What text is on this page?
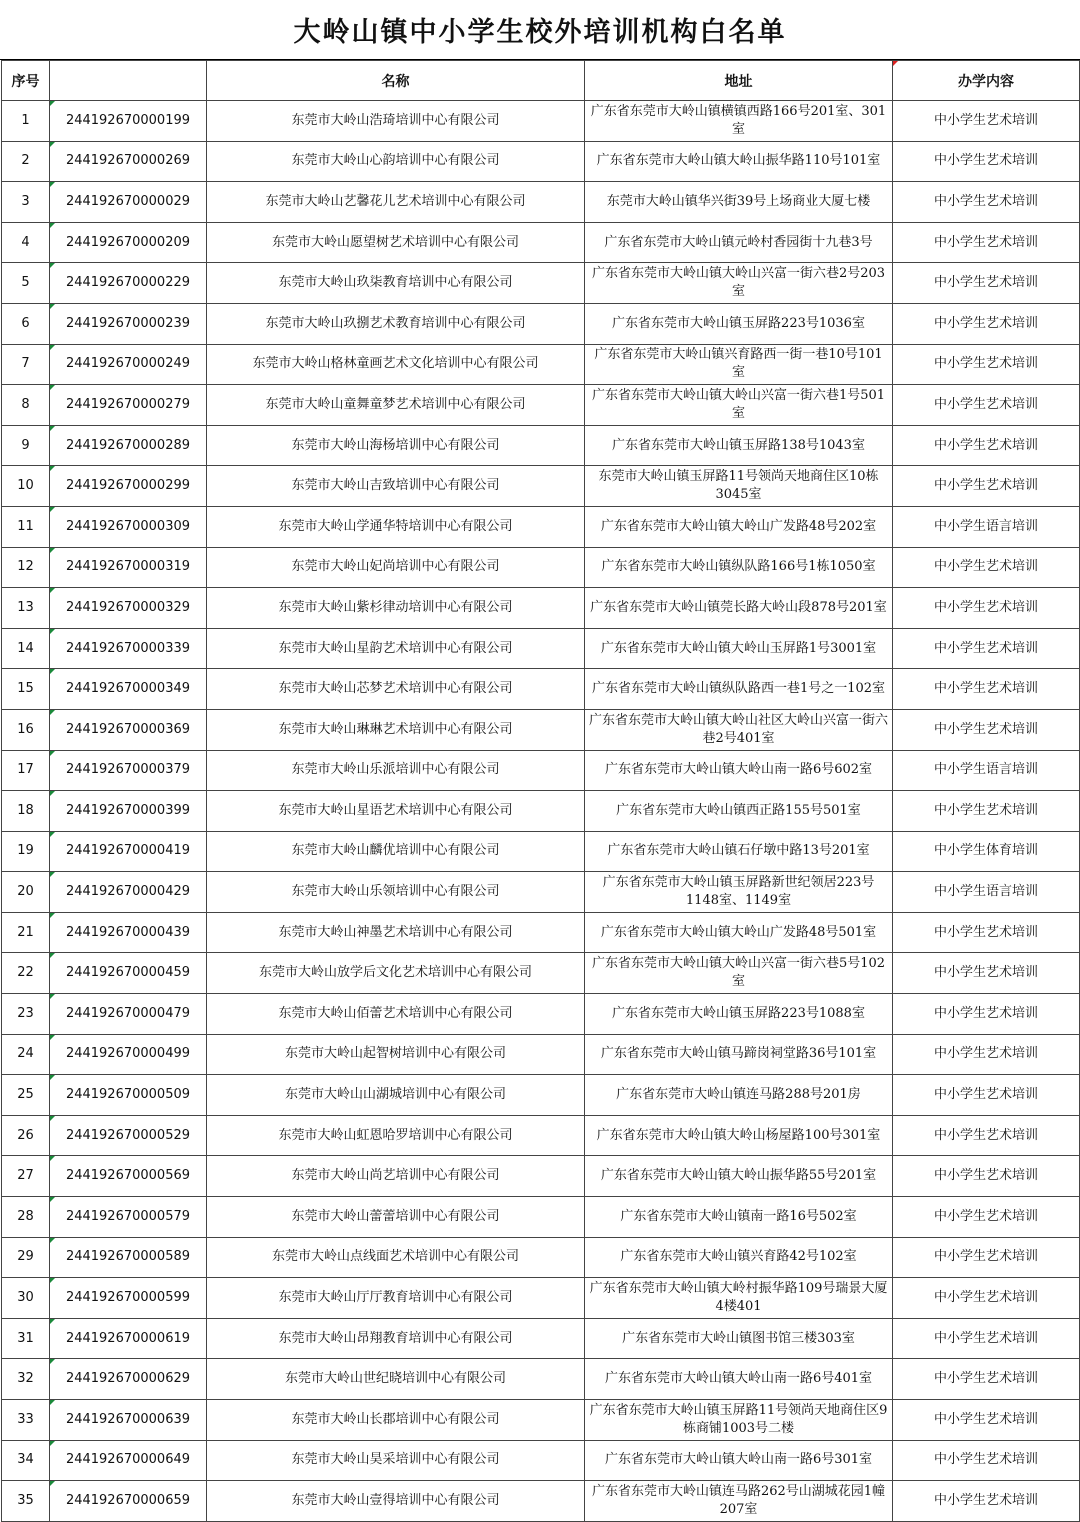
大岭山镇中小学生校外培训机构白名单
序号		名称	地址	办学内容
1	244192670000199	东莞市大岭山浩琦培训中心有限公司	广东省东莞市大岭山镇横镇西路166号201室、301室	中小学生艺术培训
2	244192670000269	东莞市大岭山心韵培训中心有限公司	广东省东莞市大岭山镇大岭山振华路110号101室	中小学生艺术培训
3	244192670000029	东莞市大岭山艺馨花儿艺术培训中心有限公司	东莞市大岭山镇华兴街39号上场商业大厦七楼	中小学生艺术培训
4	244192670000209	东莞市大岭山愿望树艺术培训中心有限公司	广东省东莞市大岭山镇元岭村香园街十九巷3号	中小学生艺术培训
5	244192670000229	东莞市大岭山玖柒教育培训中心有限公司	广东省东莞市大岭山镇大岭山兴富一街六巷2号203室	中小学生艺术培训
6	244192670000239	东莞市大岭山玖捌艺术教育培训中心有限公司	广东省东莞市大岭山镇玉屏路223号1036室	中小学生艺术培训
7	244192670000249	东莞市大岭山格林童画艺术文化培训中心有限公司	广东省东莞市大岭山镇兴育路西一街一巷10号101室	中小学生艺术培训
8	244192670000279	东莞市大岭山童舞童梦艺术培训中心有限公司	广东省东莞市大岭山镇大岭山兴富一街六巷1号501室	中小学生艺术培训
9	244192670000289	东莞市大岭山海杨培训中心有限公司	广东省东莞市大岭山镇玉屏路138号1043室	中小学生艺术培训
10	244192670000299	东莞市大岭山吉致培训中心有限公司	东莞市大岭山镇玉屏路11号领尚天地商住区10栋3045室	中小学生艺术培训
11	244192670000309	东莞市大岭山学通华特培训中心有限公司	广东省东莞市大岭山镇大岭山广发路48号202室	中小学生语言培训
12	244192670000319	东莞市大岭山妃尚培训中心有限公司	广东省东莞市大岭山镇纵队路166号1栋1050室	中小学生艺术培训
13	244192670000329	东莞市大岭山紫杉律动培训中心有限公司	广东省东莞市大岭山镇莞长路大岭山段878号201室	中小学生艺术培训
14	244192670000339	东莞市大岭山星韵艺术培训中心有限公司	广东省东莞市大岭山镇大岭山玉屏路1号3001室	中小学生艺术培训
15	244192670000349	东莞市大岭山芯梦艺术培训中心有限公司	广东省东莞市大岭山镇纵队路西一巷1号之一102室	中小学生艺术培训
16	244192670000369	东莞市大岭山琳琳艺术培训中心有限公司	广东省东莞市大岭山镇大岭山社区大岭山兴富一街六巷2号401室	中小学生艺术培训
17	244192670000379	东莞市大岭山乐派培训中心有限公司	广东省东莞市大岭山镇大岭山南一路6号602室	中小学生语言培训
18	244192670000399	东莞市大岭山星语艺术培训中心有限公司	广东省东莞市大岭山镇西正路155号501室	中小学生艺术培训
19	244192670000419	东莞市大岭山麟优培训中心有限公司	广东省东莞市大岭山镇石仔墩中路13号201室	中小学生体育培训
20	244192670000429	东莞市大岭山乐领培训中心有限公司	广东省东莞市大岭山镇玉屏路新世纪领居223号1148室、1149室	中小学生语言培训
21	244192670000439	东莞市大岭山神墨艺术培训中心有限公司	广东省东莞市大岭山镇大岭山广发路48号501室	中小学生艺术培训
22	244192670000459	东莞市大岭山放学后文化艺术培训中心有限公司	广东省东莞市大岭山镇大岭山兴富一街六巷5号102室	中小学生艺术培训
23	244192670000479	东莞市大岭山佰蕾艺术培训中心有限公司	广东省东莞市大岭山镇玉屏路223号1088室	中小学生艺术培训
24	244192670000499	东莞市大岭山起智树培训中心有限公司	广东省东莞市大岭山镇马蹄岗祠堂路36号101室	中小学生艺术培训
25	244192670000509	东莞市大岭山山湖城培训中心有限公司	广东省东莞市大岭山镇连马路288号201房	中小学生艺术培训
26	244192670000529	东莞市大岭山虹恩哈罗培训中心有限公司	广东省东莞市大岭山镇大岭山杨屋路100号301室	中小学生艺术培训
27	244192670000569	东莞市大岭山尚艺培训中心有限公司	广东省东莞市大岭山镇大岭山振华路55号201室	中小学生艺术培训
28	244192670000579	东莞市大岭山蕾蕾培训中心有限公司	广东省东莞市大岭山镇南一路16号502室	中小学生艺术培训
29	244192670000589	东莞市大岭山点线面艺术培训中心有限公司	广东省东莞市大岭山镇兴育路42号102室	中小学生艺术培训
30	244192670000599	东莞市大岭山厅厅教育培训中心有限公司	广东省东莞市大岭山镇大岭村振华路109号瑞景大厦4楼401	中小学生艺术培训
31	244192670000619	东莞市大岭山昂翔教育培训中心有限公司	广东省东莞市大岭山镇图书馆三楼303室	中小学生艺术培训
32	244192670000629	东莞市大岭山世纪晓培训中心有限公司	广东省东莞市大岭山镇大岭山南一路6号401室	中小学生艺术培训
33	244192670000639	东莞市大岭山长郡培训中心有限公司	广东省东莞市大岭山镇玉屏路11号领尚天地商住区9栋商铺1003号二楼	中小学生艺术培训
34	244192670000649	东莞市大岭山昊采培训中心有限公司	广东省东莞市大岭山镇大岭山南一路6号301室	中小学生艺术培训
35	244192670000659	东莞市大岭山壹得培训中心有限公司	广东省东莞市大岭山镇连马路262号山湖城花园1幢207室	中小学生艺术培训
